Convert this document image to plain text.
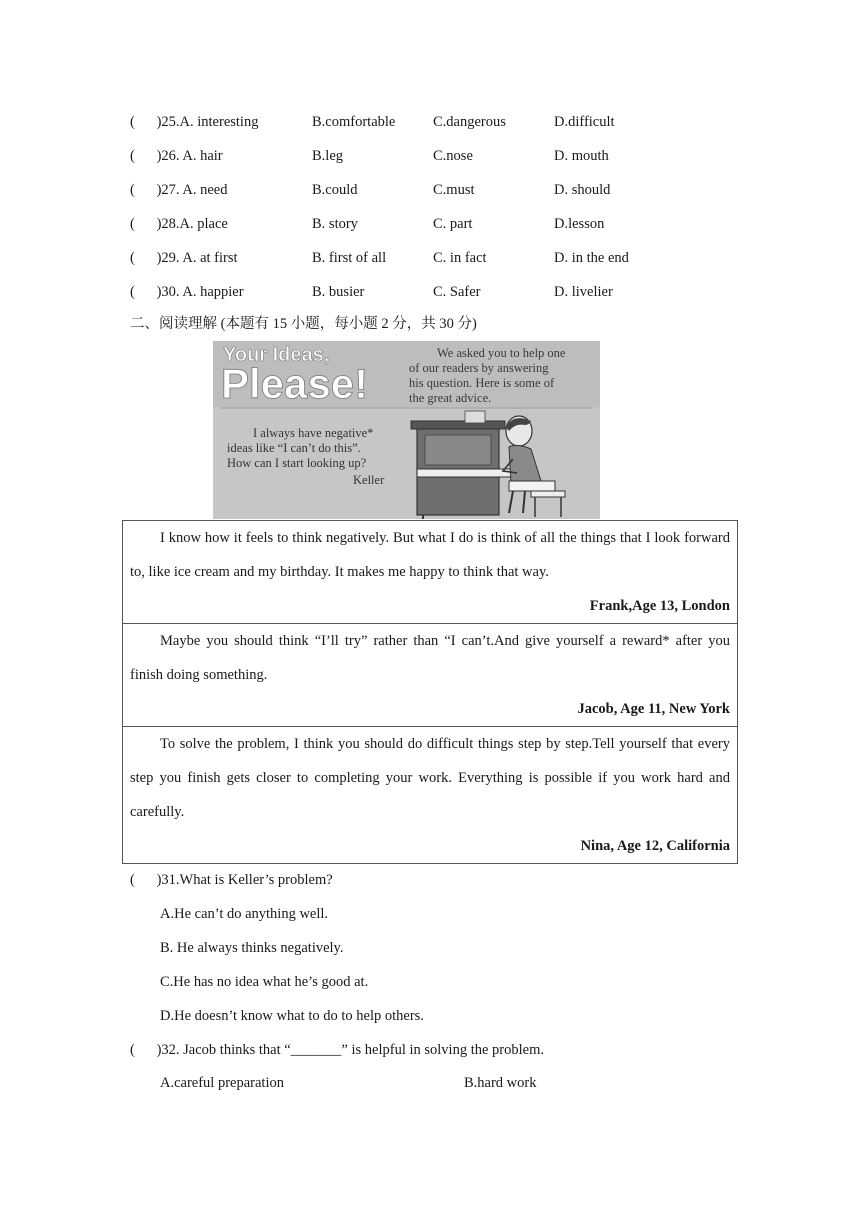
(      )25.A. interesting	B.comfortable	C.dangerous	D.difficult
(      )26. A. hair	B.leg	C.nose	D. mouth
(      )27. A. need	B.could	C.must	D. should
(      )28.A. place	B. story	C. part	D.lesson
(      )29. A. at first	B. first of all	C. in fact	D. in the end
(      )30. A. happier	B. busier	C. Safer	D. livelier
二、阅读理解 (本题有 15 小题，每小题 2 分，共 30 分)
Your Ideas,
Please!
We asked you to help one
of our readers by answering
his question. Here is some of
the great advice.
I always have negative*
ideas like “I can’t do this”.
How can I start looking up?
Keller

I know how it feels to think negatively. But what I do is think of all the things that I look forward to, like ice cream and my birthday. It makes me happy to think that way.

Frank,Age 13, London

Maybe you should think “I’ll try” rather than “I can’t.And give yourself a reward* after you finish doing something.

Jacob, Age 11, New York

To solve the problem, I think you should do difficult things step by step.Tell yourself that every step you finish gets closer to completing your work. Everything is possible if you work hard and carefully.

Nina, Age 12, California
(      )31.What is Keller’s problem?
A.He can’t do anything well.
B. He always thinks negatively.
C.He has no idea what he’s good at.
D.He doesn’t know what to do to help others.
(      )32. Jacob thinks that “_______” is helpful in solving the problem.
A.careful preparation	B.hard work
